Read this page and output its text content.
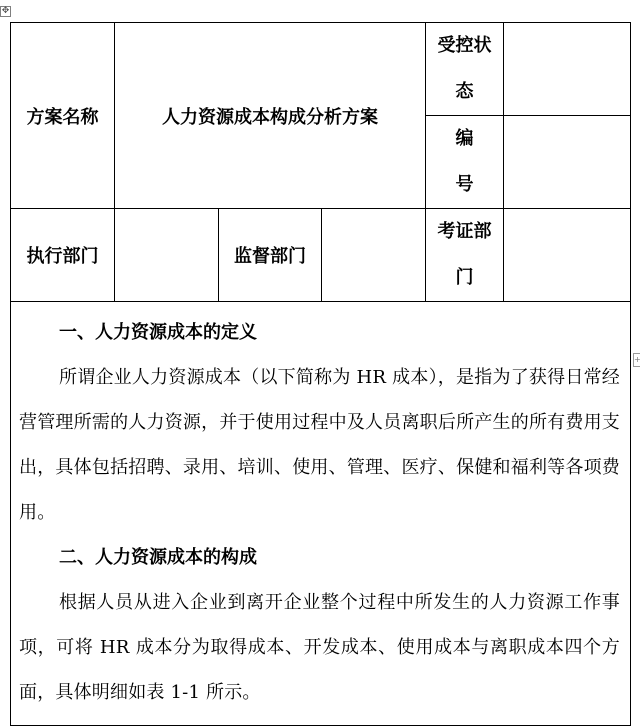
✥
+
方案名称	人力资源成本构成分析方案			受控状
态	

				编
号	

执行部门		监督部门		考证部
门	

一、人力资源成本的定义

所谓企业人力资源成本（以下简称为 HR 成本），是指为了获得日常经营管理所需的人力资源，并于使用过程中及人员离职后所产生的所有费用支出，具体包括招聘、录用、培训、使用、管理、医疗、保健和福利等各项费用。

二、人力资源成本的构成

根据人员从进入企业到离开企业整个过程中所发生的人力资源工作事项，可将 HR 成本分为取得成本、开发成本、使用成本与离职成本四个方面，具体明细如表 1-1 所示。					
